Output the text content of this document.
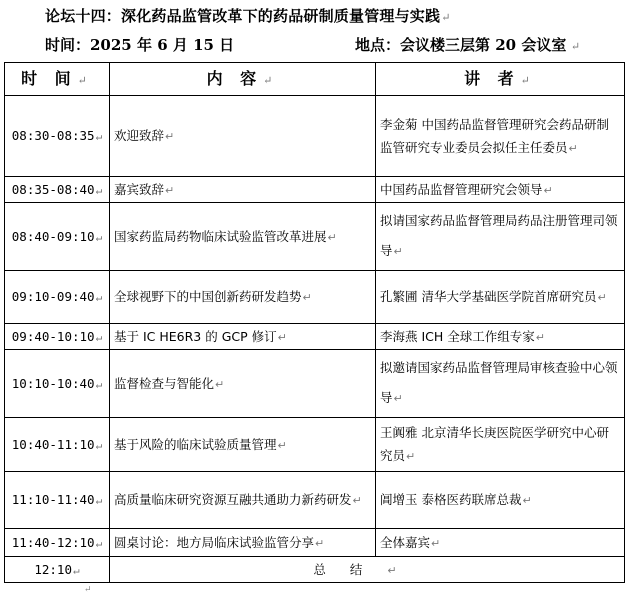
论坛十四：深化药品监管改革下的药品研制质量管理与实践↵
时间：2025 年 6 月 15 日	地点：会议楼三层第 20 会议室 ↵
时 间↵	内 容↵	讲 者↵
08:30-08:35↵	欢迎致辞↵	李金菊 中国药品监督管理研究会药品研制监管研究专业委员会拟任主任委员↵
08:35-08:40↵	嘉宾致辞↵	中国药品监督管理研究会领导↵
08:40-09:10↵	国家药监局药物临床试验监管改革进展↵	拟请国家药品监督管理局药品注册管理司领导↵
09:10-09:40↵	全球视野下的中国创新药研发趋势↵	孔繁圃 清华大学基础医学院首席研究员↵
09:40-10:10↵	基于 IC HE6R3 的 GCP 修订↵	李海燕 ICH 全球工作组专家↵
10:10-10:40↵	监督检查与智能化↵	拟邀请国家药品监督管理局审核查验中心领导↵
10:40-11:10↵	基于风险的临床试验质量管理↵	王阗雅 北京清华长庚医院医学研究中心研究员↵
11:10-11:40↵	高质量临床研究资源互融共通助力新药研发↵	阊增玉 泰格医药联席总裁↵
11:40-12:10↵	圆桌讨论：地方局临床试验监管分享↵	全体嘉宾↵
12:10↵	总结↵	
↵
